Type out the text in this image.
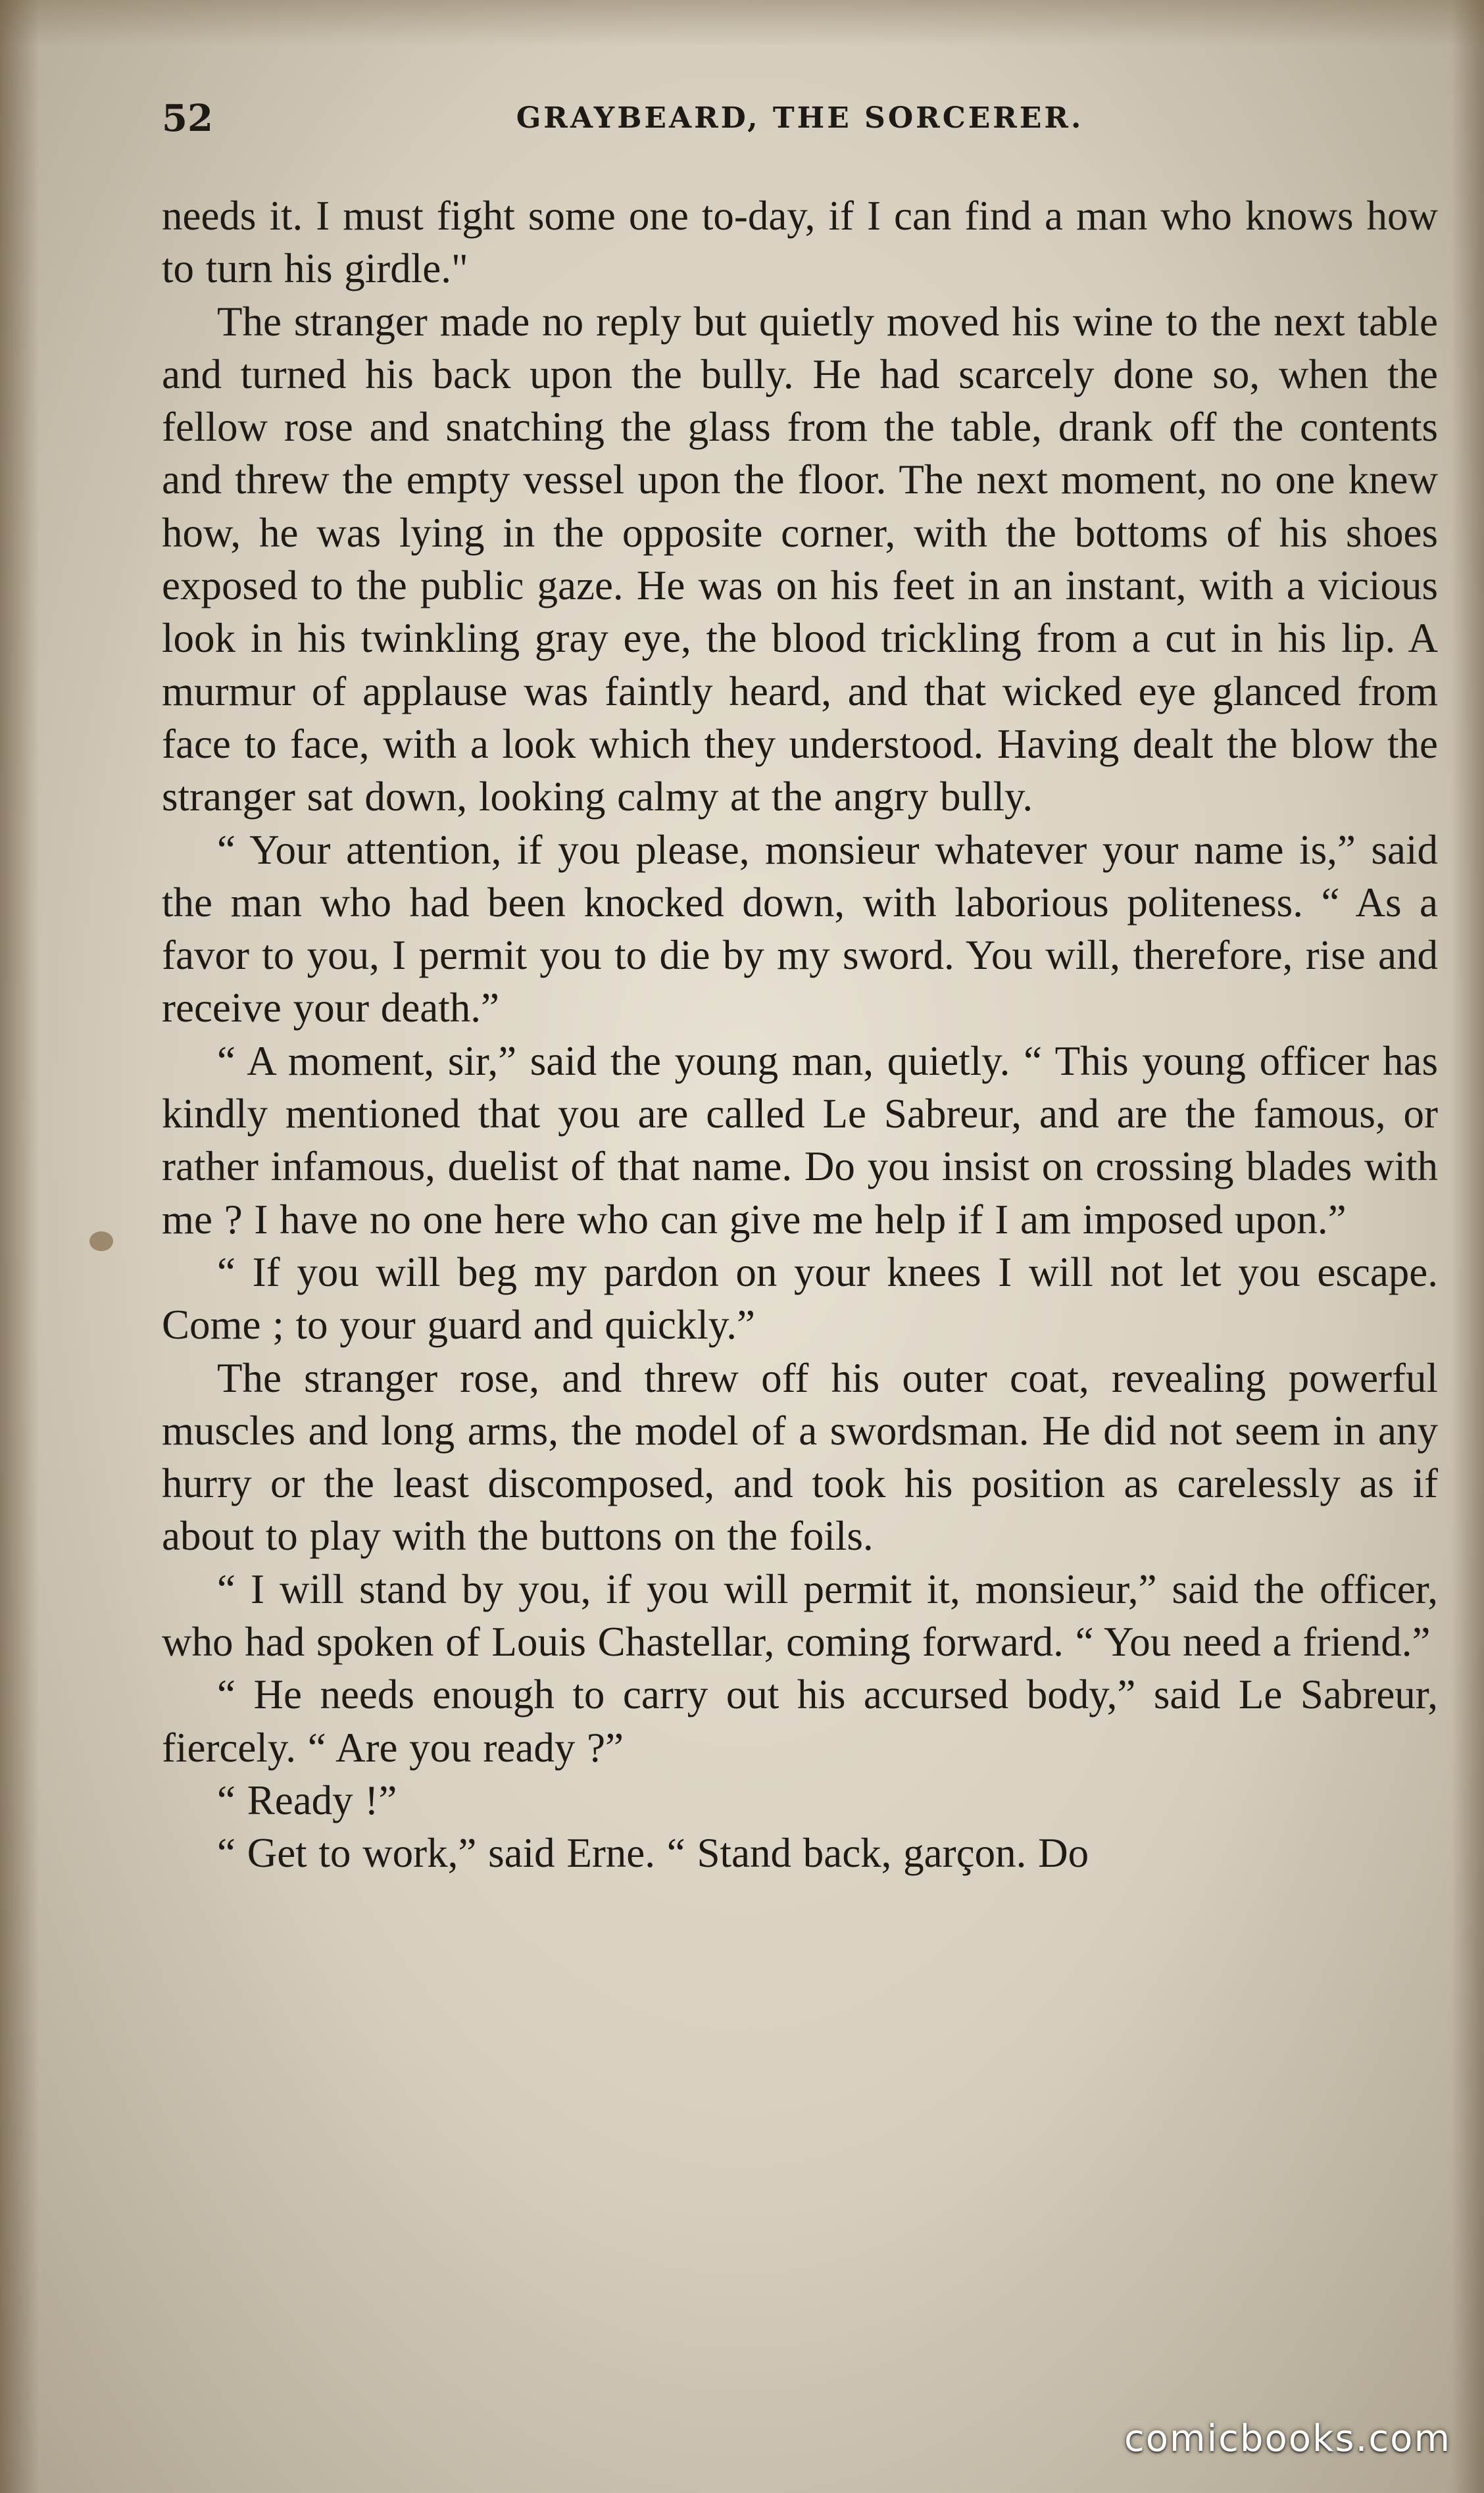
52	GRAYBEARD, THE SORCERER.

needs it. I must fight some one to-day, if I can find a man who knows how to turn his girdle."

The stranger made no reply but quietly moved his wine to the next table and turned his back upon the bully. He had scarcely done so, when the fellow rose and snatching the glass from the table, drank off the contents and threw the empty vessel upon the floor. The next moment, no one knew how, he was lying in the opposite corner, with the bottoms of his shoes exposed to the public gaze. He was on his feet in an instant, with a vicious look in his twinkling gray eye, the blood trickling from a cut in his lip. A murmur of applause was faintly heard, and that wicked eye glanced from face to face, with a look which they understood. Having dealt the blow the stranger sat down, looking calmy at the angry bully.

“ Your attention, if you please, monsieur whatever your name is,” said the man who had been knocked down, with laborious politeness. “ As a favor to you, I permit you to die by my sword. You will, therefore, rise and receive your death.”

“ A moment, sir,” said the young man, quietly. “ This young officer has kindly mentioned that you are called Le Sabreur, and are the famous, or rather infamous, duelist of that name. Do you insist on crossing blades with me ? I have no one here who can give me help if I am imposed upon.”

“ If you will beg my pardon on your knees I will not let you escape. Come ; to your guard and quickly.”

The stranger rose, and threw off his outer coat, revealing powerful muscles and long arms, the model of a swordsman. He did not seem in any hurry or the least discomposed, and took his position as carelessly as if about to play with the buttons on the foils.

“ I will stand by you, if you will permit it, monsieur,” said the officer, who had spoken of Louis Chastellar, coming forward. “ You need a friend.”

“ He needs enough to carry out his accursed body,” said Le Sabreur, fiercely. “ Are you ready ?”

“ Ready !”

“ Get to work,” said Erne. “ Stand back, garçon. Do

comicbooks.com
